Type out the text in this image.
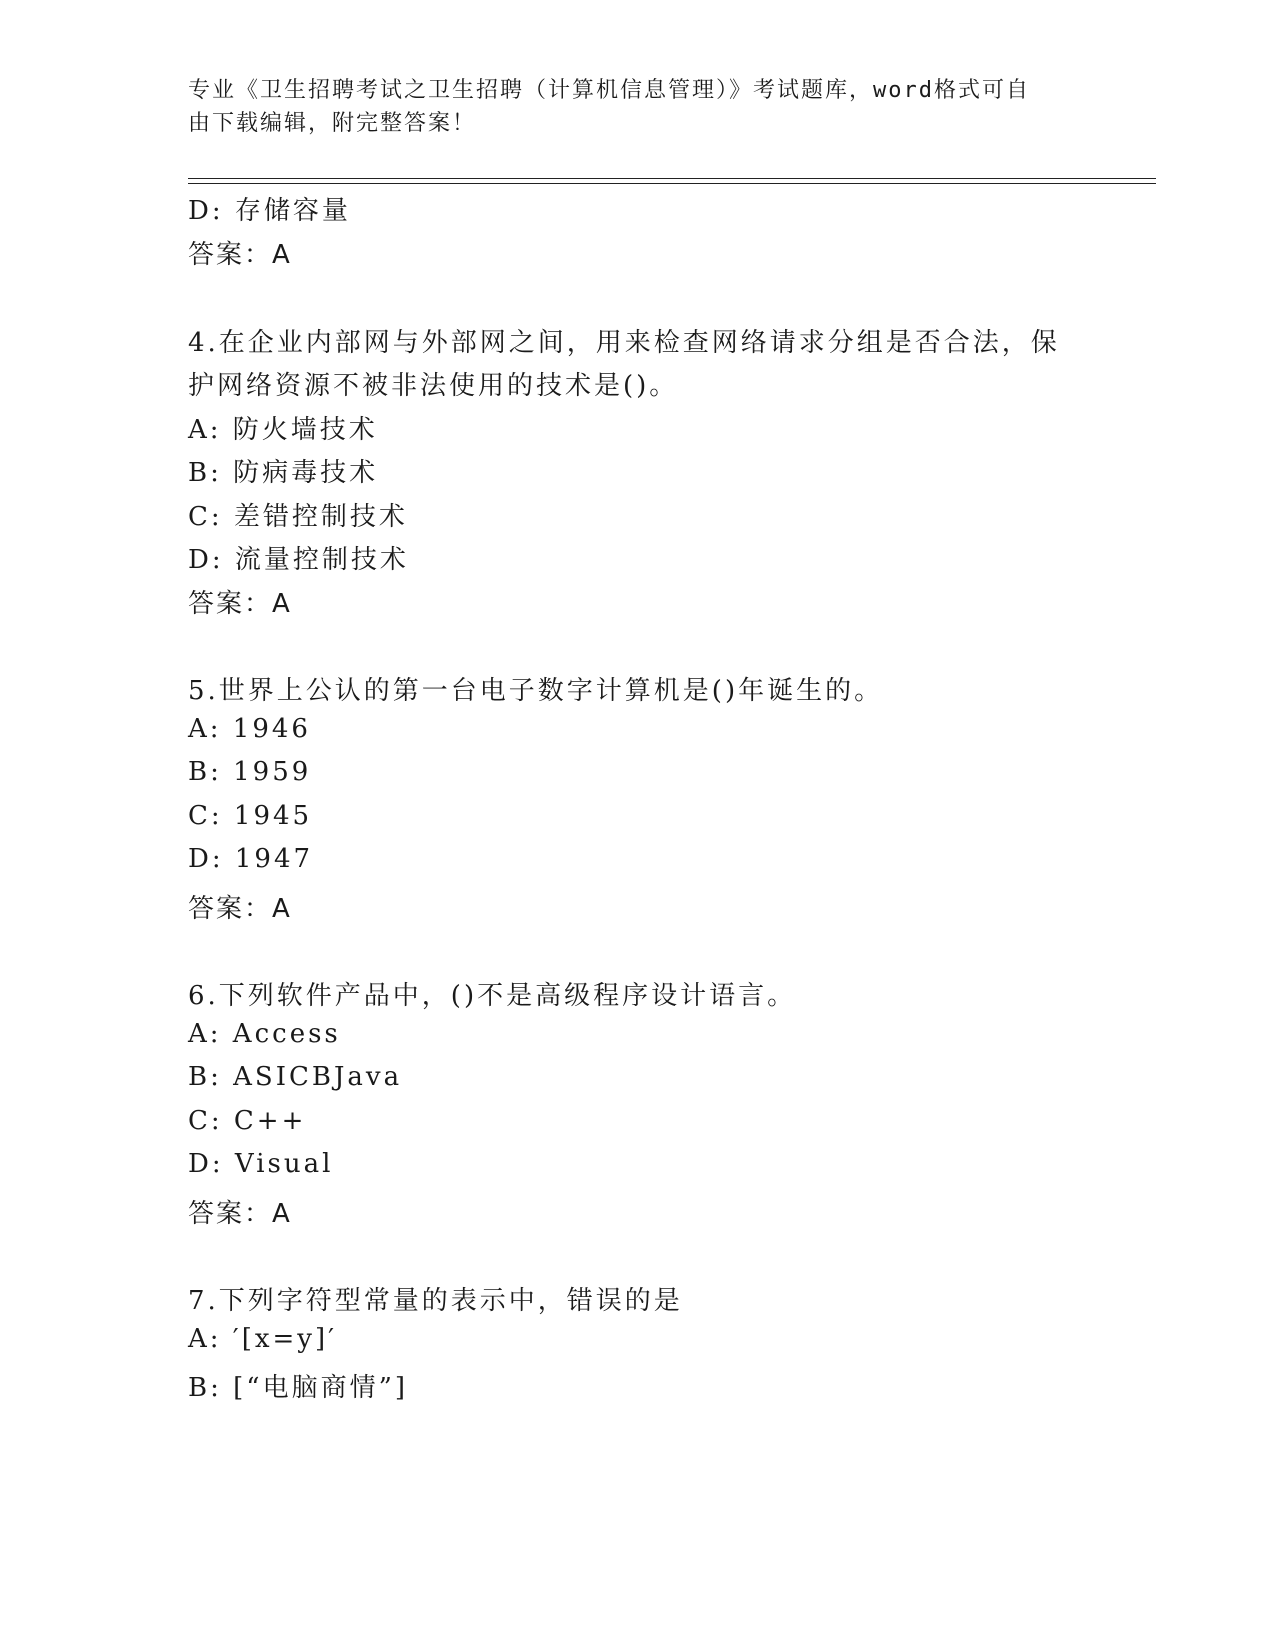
专业《卫生招聘考试之卫生招聘（计算机信息管理）》考试题库，word格式可自
由下载编辑，附完整答案！
D: 存储容量
答案：A
4.在企业内部网与外部网之间，用来检查网络请求分组是否合法，保
护网络资源不被非法使用的技术是()。
A: 防火墙技术
B: 防病毒技术
C: 差错控制技术
D: 流量控制技术
答案：A
5.世界上公认的第一台电子数字计算机是()年诞生的。
A: 1946
B: 1959
C: 1945
D: 1947
答案：A
6.下列软件产品中，()不是高级程序设计语言。
A: Access
B: ASICBJava
C: C++
D: Visual
答案：A
7.下列字符型常量的表示中，错误的是
A: ′[x=y]′
B: [“电脑商情”]
